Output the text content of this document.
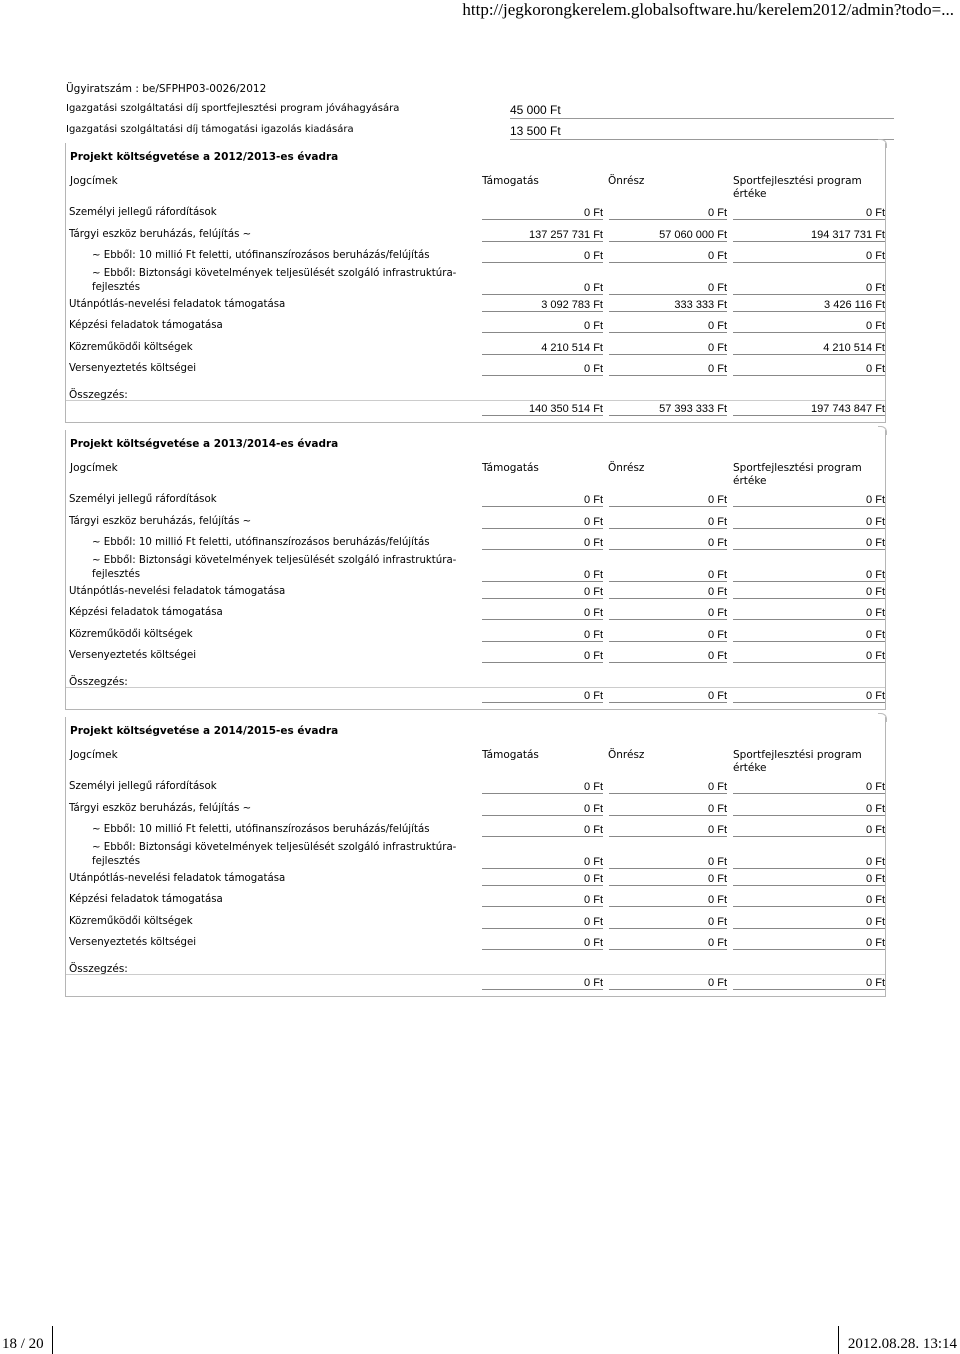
http://jegkorongkerelem.globalsoftware.hu/kerelem2012/admin?todo=...
Ügyiratszám : be/SFPHP03-0026/2012
Igazgatási szolgáltatási díj sportfejlesztési program jóváhagyására	45 000 Ft
Igazgatási szolgáltatási díj támogatási igazolás kiadására	13 500 Ft
Projekt költségvetése a 2012/2013-es évadra
Jogcímek	Támogatás	Önrész	Sportfejlesztési program értéke
Személyi jellegű ráfordítások	0 Ft	0 Ft	0 Ft
Tárgyi eszköz beruházás, felújítás ~	137 257 731 Ft	57 060 000 Ft	194 317 731 Ft
~ Ebből: 10 millió Ft feletti, utófinanszírozásos beruházás/felújítás	0 Ft	0 Ft	0 Ft
~ Ebből: Biztonsági követelmények teljesülését szolgáló infrastruktúra-fejlesztés	0 Ft	0 Ft	0 Ft
Utánpótlás-nevelési feladatok támogatása	3 092 783 Ft	333 333 Ft	3 426 116 Ft
Képzési feladatok támogatása	0 Ft	0 Ft	0 Ft
Közreműködői költségek	4 210 514 Ft	0 Ft	4 210 514 Ft
Versenyeztetés költségei	0 Ft	0 Ft	0 Ft
Összegzés:
140 350 514 Ft	57 393 333 Ft	197 743 847 Ft
Projekt költségvetése a 2013/2014-es évadra
Jogcímek	Támogatás	Önrész	Sportfejlesztési program értéke
Személyi jellegű ráfordítások	0 Ft	0 Ft	0 Ft
Tárgyi eszköz beruházás, felújítás ~	0 Ft	0 Ft	0 Ft
~ Ebből: 10 millió Ft feletti, utófinanszírozásos beruházás/felújítás	0 Ft	0 Ft	0 Ft
~ Ebből: Biztonsági követelmények teljesülését szolgáló infrastruktúra-fejlesztés	0 Ft	0 Ft	0 Ft
Utánpótlás-nevelési feladatok támogatása	0 Ft	0 Ft	0 Ft
Képzési feladatok támogatása	0 Ft	0 Ft	0 Ft
Közreműködői költségek	0 Ft	0 Ft	0 Ft
Versenyeztetés költségei	0 Ft	0 Ft	0 Ft
Összegzés:
0 Ft	0 Ft	0 Ft
Projekt költségvetése a 2014/2015-es évadra
Jogcímek	Támogatás	Önrész	Sportfejlesztési program értéke
Személyi jellegű ráfordítások	0 Ft	0 Ft	0 Ft
Tárgyi eszköz beruházás, felújítás ~	0 Ft	0 Ft	0 Ft
~ Ebből: 10 millió Ft feletti, utófinanszírozásos beruházás/felújítás	0 Ft	0 Ft	0 Ft
~ Ebből: Biztonsági követelmények teljesülését szolgáló infrastruktúra-fejlesztés	0 Ft	0 Ft	0 Ft
Utánpótlás-nevelési feladatok támogatása	0 Ft	0 Ft	0 Ft
Képzési feladatok támogatása	0 Ft	0 Ft	0 Ft
Közreműködői költségek	0 Ft	0 Ft	0 Ft
Versenyeztetés költségei	0 Ft	0 Ft	0 Ft
Összegzés:
0 Ft	0 Ft	0 Ft
18 / 20	2012.08.28. 13:14
